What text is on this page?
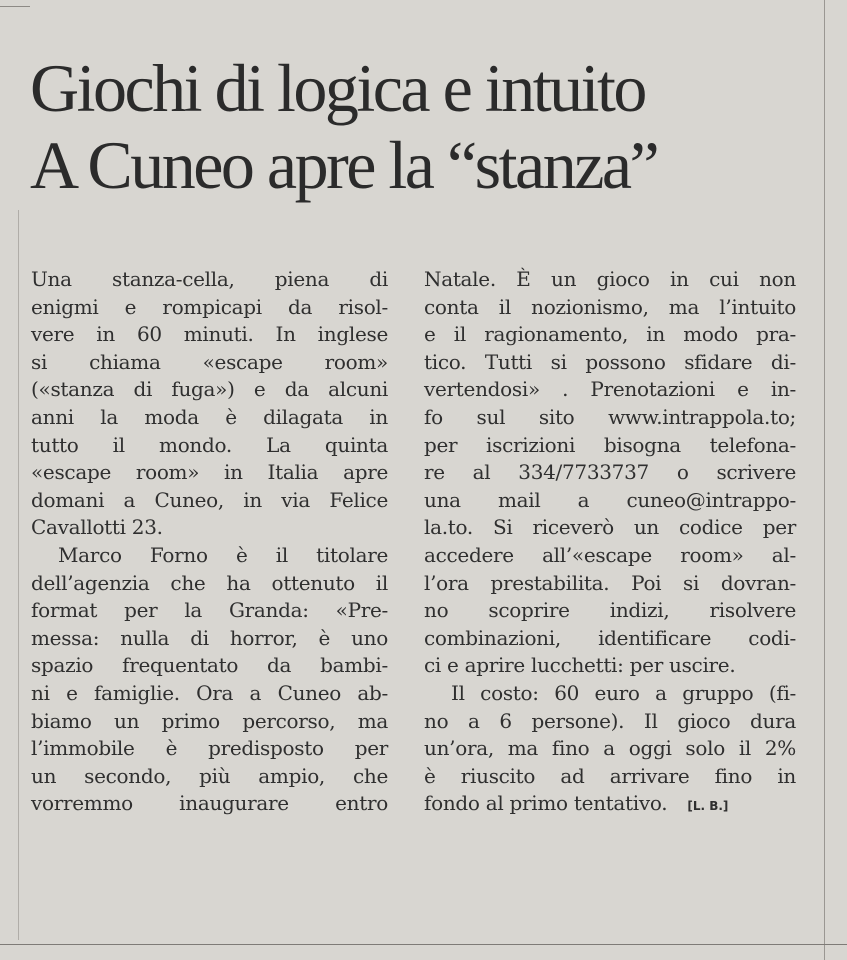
Giochi di logica e intuito
A Cuneo apre la “stanza”
Una stanza-cella, piena di
enigmi e rompicapi da risol-
vere in 60 minuti. In inglese
si chiama «escape room»
(«stanza di fuga») e da alcuni
anni la moda è dilagata in
tutto il mondo. La quinta
«escape room» in Italia apre
domani a Cuneo, in via Felice
Cavallotti 23.
Marco Forno è il titolare
dell’agenzia che ha ottenuto il
format per la Granda: «Pre-
messa: nulla di horror, è uno
spazio frequentato da bambi-
ni e famiglie. Ora a Cuneo ab-
biamo un primo percorso, ma
l’immobile è predisposto per
un secondo, più ampio, che
vorremmo inaugurare entro
Natale. È un gioco in cui non
conta il nozionismo, ma l’intuito
e il ragionamento, in modo pra-
tico. Tutti si possono sfidare di-
vertendosi» . Prenotazioni e in-
fo sul sito www.intrappola.to;
per iscrizioni bisogna telefona-
re al 334/7733737 o scrivere
una mail a cuneo@intrappo-
la.to. Si riceverò un codice per
accedere all’«escape room» al-
l’ora prestabilita. Poi si dovran-
no scoprire indizi, risolvere
combinazioni, identificare codi-
ci e aprire lucchetti: per uscire.
Il costo: 60 euro a gruppo (fi-
no a 6 persone). Il gioco dura
un’ora, ma fino a oggi solo il 2%
è riuscito ad arrivare fino in
fondo al primo tentativo. [L. B.]
